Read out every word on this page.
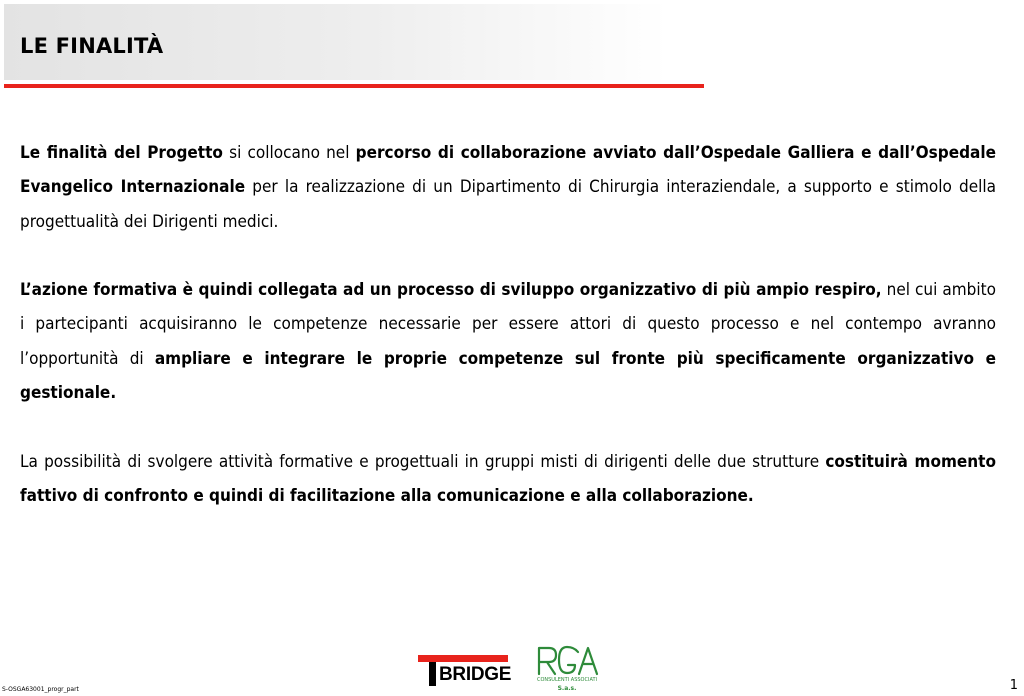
LE FINALITÀ

Le finalità del Progetto si collocano nel percorso di collaborazione avviato dall’Ospedale Galliera e dall’Ospedale Evangelico Internazionale per la realizzazione di un Dipartimento di Chirurgia interaziendale, a supporto e stimolo della progettualità dei Dirigenti medici.

L’azione formativa è quindi collegata ad un processo di sviluppo organizzativo di più ampio respiro, nel cui ambito i partecipanti acquisiranno le competenze necessarie per essere attori di questo processo e nel contempo avranno l’opportunità di ampliare e integrare le proprie competenze sul fronte più specificamente organizzativo e gestionale.

La possibilità di svolgere attività formative e progettuali in gruppi misti di dirigenti delle due strutture costituirà momento fattivo di confronto e quindi di facilitazione alla comunicazione e alla collaborazione.

S-OSGA63001_progr_part
BRIDGE	CONSULENTI ASSOCIATI
S.a.s.	1
